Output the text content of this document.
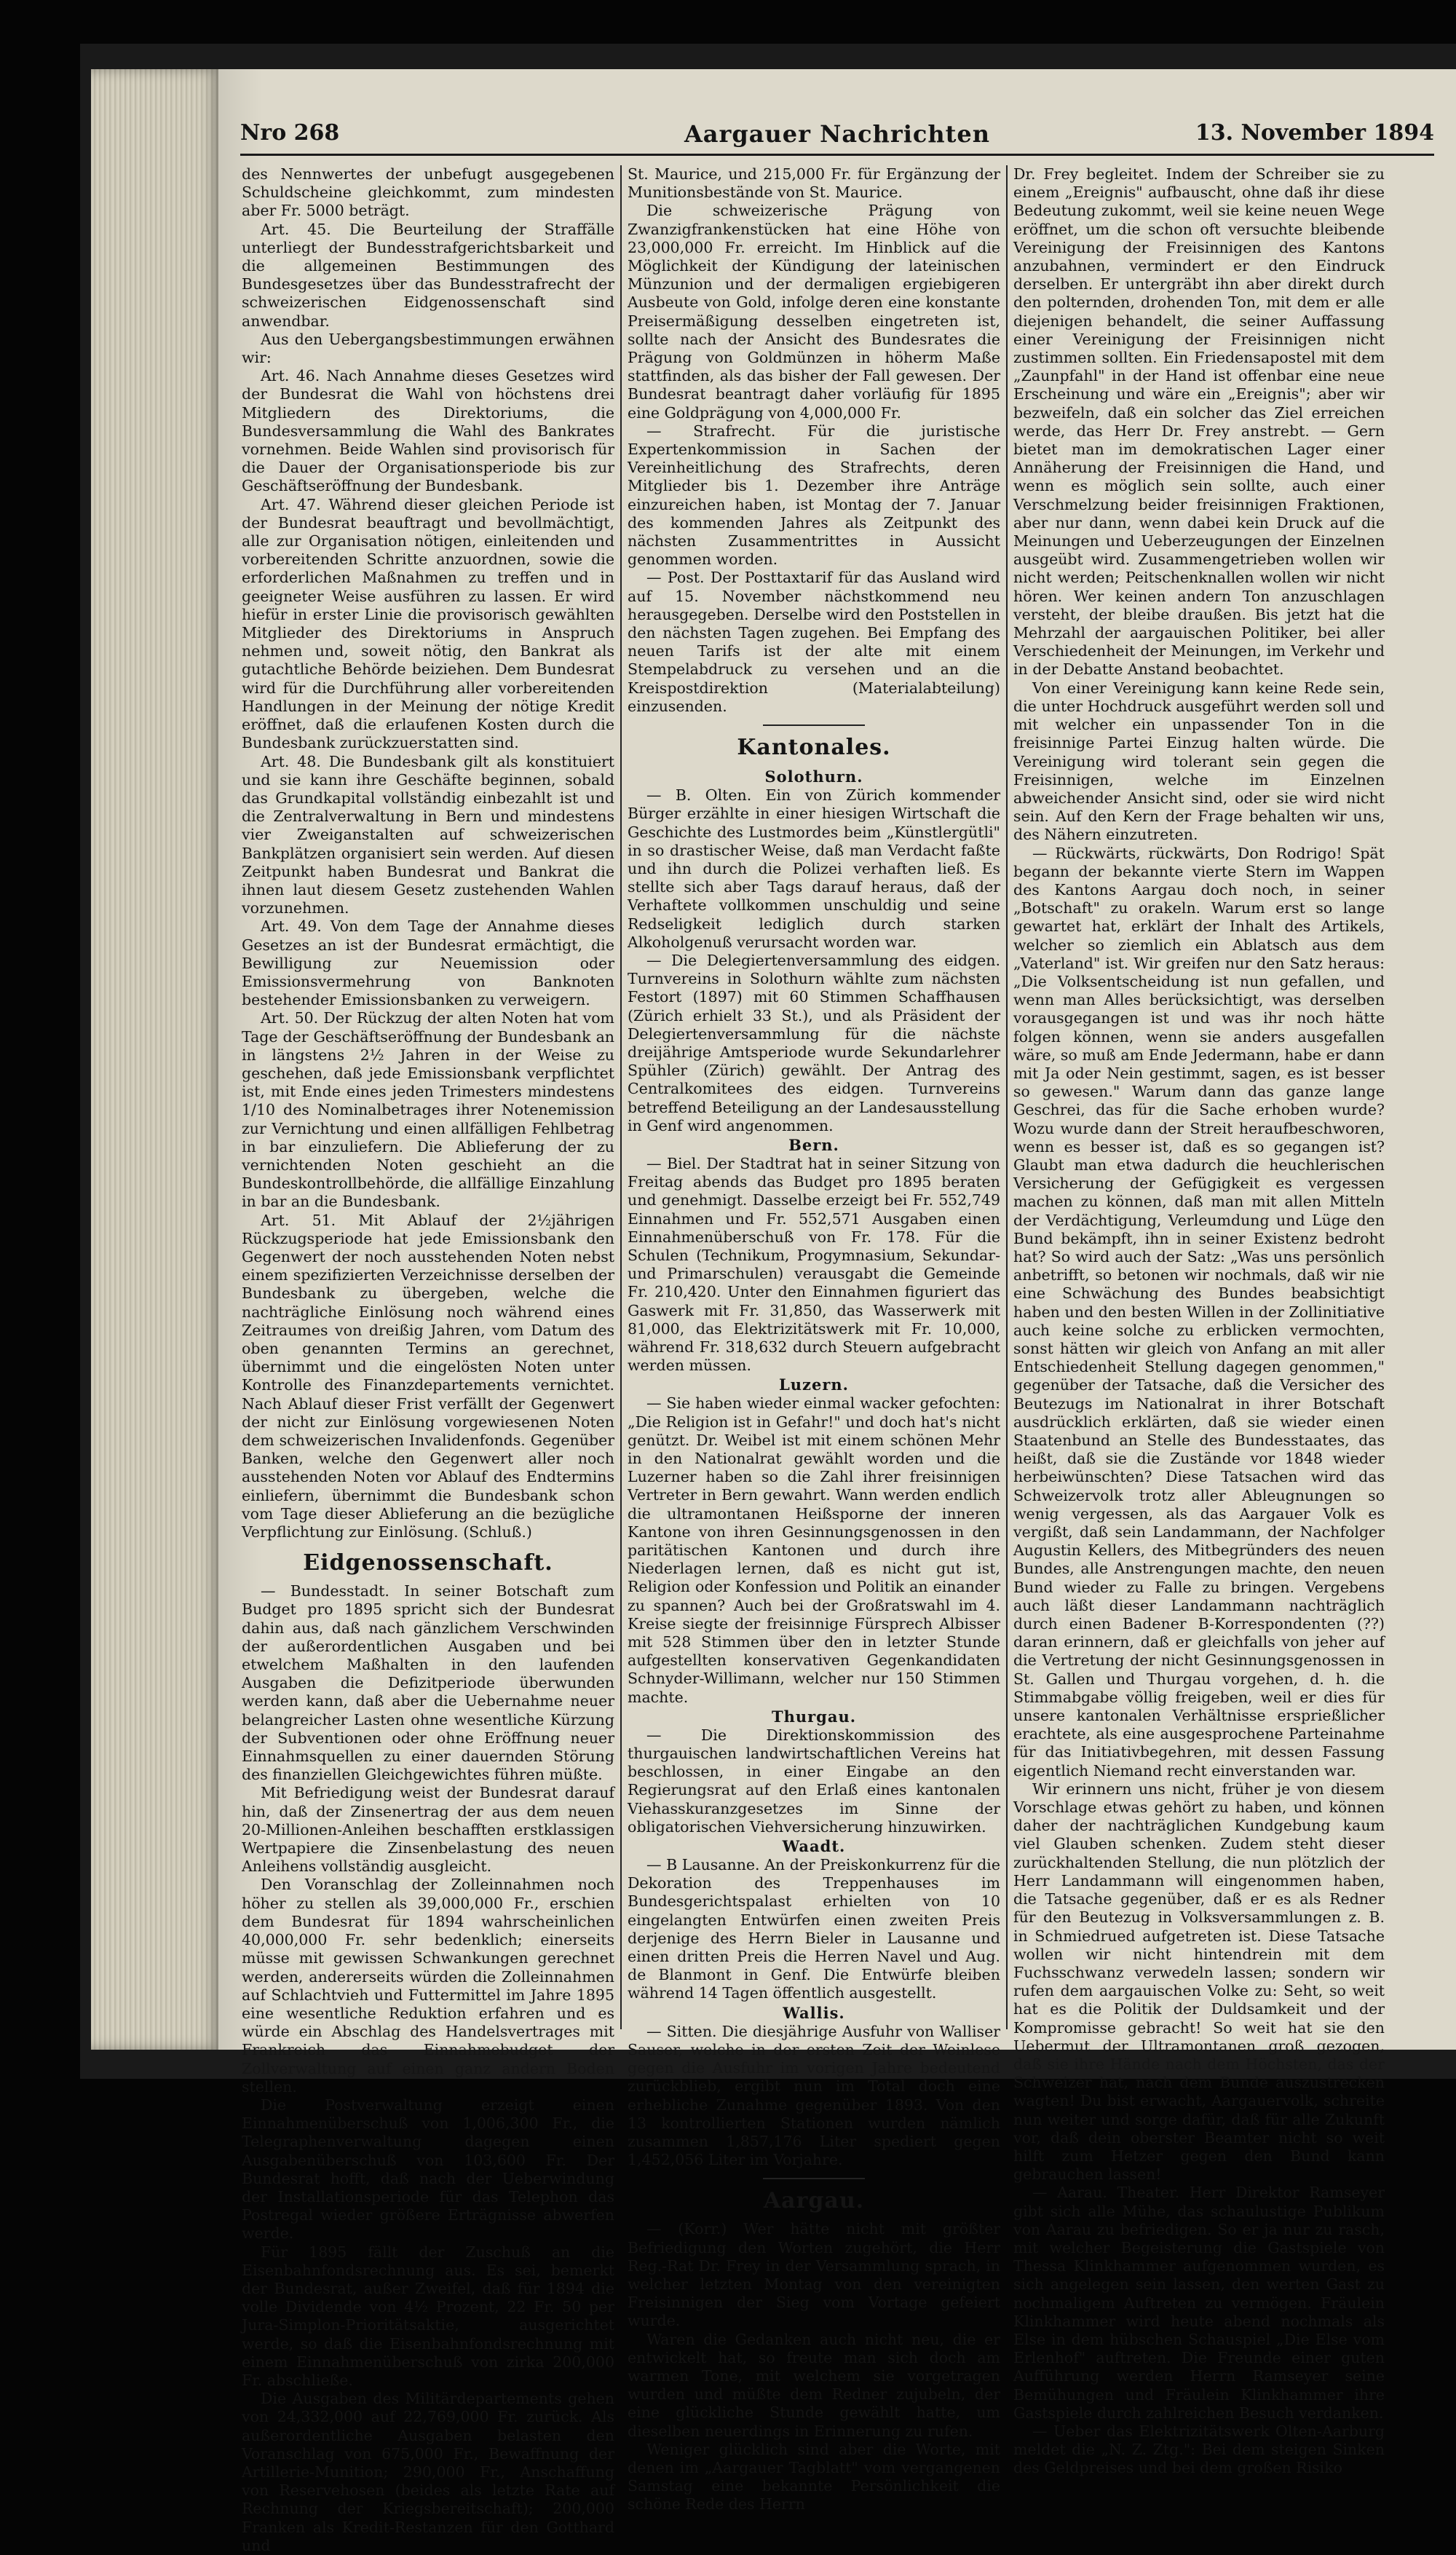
Nro 268	Aargauer Nachrichten	13. November 1894

des Nennwertes der unbefugt ausgegebenen Schuldscheine gleichkommt, zum mindesten aber Fr. 5000 beträgt.

Art. 45. Die Beurteilung der Straffälle unterliegt der Bundesstrafgerichtsbarkeit und die allgemeinen Bestimmungen des Bundesgesetzes über das Bundesstrafrecht der schweizerischen Eidgenossenschaft sind anwendbar.

Aus den Uebergangsbestimmungen erwähnen wir:

Art. 46. Nach Annahme dieses Gesetzes wird der Bundesrat die Wahl von höchstens drei Mitgliedern des Direktoriums, die Bundesversammlung die Wahl des Bankrates vornehmen. Beide Wahlen sind provisorisch für die Dauer der Organisationsperiode bis zur Geschäftseröffnung der Bundesbank.

Art. 47. Während dieser gleichen Periode ist der Bundesrat beauftragt und bevollmächtigt, alle zur Organisation nötigen, einleitenden und vorbereitenden Schritte anzuordnen, sowie die erforderlichen Maßnahmen zu treffen und in geeigneter Weise ausführen zu lassen. Er wird hiefür in erster Linie die provisorisch gewählten Mitglieder des Direktoriums in Anspruch nehmen und, soweit nötig, den Bankrat als gutachtliche Behörde beiziehen. Dem Bundesrat wird für die Durchführung aller vorbereitenden Handlungen in der Meinung der nötige Kredit eröffnet, daß die erlaufenen Kosten durch die Bundesbank zurückzuerstatten sind.

Art. 48. Die Bundesbank gilt als konstituiert und sie kann ihre Geschäfte beginnen, sobald das Grundkapital vollständig einbezahlt ist und die Zentralverwaltung in Bern und mindestens vier Zweiganstalten auf schweizerischen Bankplätzen organisiert sein werden. Auf diesen Zeitpunkt haben Bundesrat und Bankrat die ihnen laut diesem Gesetz zustehenden Wahlen vorzunehmen.

Art. 49. Von dem Tage der Annahme dieses Gesetzes an ist der Bundesrat ermächtigt, die Bewilligung zur Neuemission oder Emissionsvermehrung von Banknoten bestehender Emissionsbanken zu verweigern.

Art. 50. Der Rückzug der alten Noten hat vom Tage der Geschäftseröffnung der Bundesbank an in längstens 2½ Jahren in der Weise zu geschehen, daß jede Emissionsbank verpflichtet ist, mit Ende eines jeden Trimesters mindestens 1/10 des Nominalbetrages ihrer Notenemission zur Vernichtung und einen allfälligen Fehlbetrag in bar einzuliefern. Die Ablieferung der zu vernichtenden Noten geschieht an die Bundeskontrollbehörde, die allfällige Einzahlung in bar an die Bundesbank.

Art. 51. Mit Ablauf der 2½jährigen Rückzugsperiode hat jede Emissionsbank den Gegenwert der noch ausstehenden Noten nebst einem spezifizierten Verzeichnisse derselben der Bundesbank zu übergeben, welche die nachträgliche Einlösung noch während eines Zeitraumes von dreißig Jahren, vom Datum des oben genannten Termins an gerechnet, übernimmt und die eingelösten Noten unter Kontrolle des Finanzdepartements vernichtet. Nach Ablauf dieser Frist verfällt der Gegenwert der nicht zur Einlösung vorgewiesenen Noten dem schweizerischen Invalidenfonds. Gegenüber Banken, welche den Gegenwert aller noch ausstehenden Noten vor Ablauf des Endtermins einliefern, übernimmt die Bundesbank schon vom Tage dieser Ablieferung an die bezügliche Verpflichtung zur Einlösung. (Schluß.)

Eidgenossenschaft.

— Bundesstadt. In seiner Botschaft zum Budget pro 1895 spricht sich der Bundesrat dahin aus, daß nach gänzlichem Verschwinden der außerordentlichen Ausgaben und bei etwelchem Maßhalten in den laufenden Ausgaben die Defizitperiode überwunden werden kann, daß aber die Uebernahme neuer belangreicher Lasten ohne wesentliche Kürzung der Subventionen oder ohne Eröffnung neuer Einnahmsquellen zu einer dauernden Störung des finanziellen Gleichgewichtes führen müßte.

Mit Befriedigung weist der Bundesrat darauf hin, daß der Zinsenertrag der aus dem neuen 20-Millionen-Anleihen beschafften erstklassigen Wertpapiere die Zinsenbelastung des neuen Anleihens vollständig ausgleicht.

Den Voranschlag der Zolleinnahmen noch höher zu stellen als 39,000,000 Fr., erschien dem Bundesrat für 1894 wahrscheinlichen 40,000,000 Fr. sehr bedenklich; einerseits müsse mit gewissen Schwankungen gerechnet werden, andererseits würden die Zolleinnahmen auf Schlachtvieh und Futtermittel im Jahre 1895 eine wesentliche Reduktion erfahren und es würde ein Abschlag des Handelsvertrages mit Frankreich das Einnahmebudget der Zollverwaltung auf einen ganz andern Boden stellen.

Die Postverwaltung erzeigt einen Einnahmenüberschuß von 1,006,300 Fr., die Telegraphenverwaltung dagegen einen Ausgabenüberschuß von 103,600 Fr. Der Bundesrat hofft, daß nach der Ueberwindung der Installationsperiode für das Telephon das Postregal wieder größere Erträgnisse abwerfen werde.

Für 1895 fällt der Zuschuß an die Eisenbahnfondsrechnung aus. Es sei, bemerkt der Bundesrat, außer Zweifel, daß für 1894 die volle Dividende von 4½ Prozent, 22 Fr. 50 per Jura-Simplon-Prioritätsaktie, ausgerichtet werde, so daß die Eisenbahnfondsrechnung mit einem Einnahmenüberschuß von zirka 200,000 Fr. abschließe.

Die Ausgaben des Militärdepartements gehen von 24,332,000 auf 22,769,000 Fr. zurück. Als außerordentliche Ausgaben belasten den Voranschlag von 675,000 Fr., Bewaffnung der Artillerie-Munition; 290,000 Fr., Anschaffung von Reservehosen (beides als letzte Rate auf Rechnung der Kriegsbereitschaft); 200,000 Franken als Kredit-Restanzen für den Gotthard und

St. Maurice, und 215,000 Fr. für Ergänzung der Munitionsbestände von St. Maurice.

Die schweizerische Prägung von Zwanzigfrankenstücken hat eine Höhe von 23,000,000 Fr. erreicht. Im Hinblick auf die Möglichkeit der Kündigung der lateinischen Münzunion und der dermaligen ergiebigeren Ausbeute von Gold, infolge deren eine konstante Preisermäßigung desselben eingetreten ist, sollte nach der Ansicht des Bundesrates die Prägung von Goldmünzen in höherm Maße stattfinden, als das bisher der Fall gewesen. Der Bundesrat beantragt daher vorläufig für 1895 eine Goldprägung von 4,000,000 Fr.

— Strafrecht. Für die juristische Expertenkommission in Sachen der Vereinheitlichung des Strafrechts, deren Mitglieder bis 1. Dezember ihre Anträge einzureichen haben, ist Montag der 7. Januar des kommenden Jahres als Zeitpunkt des nächsten Zusammentrittes in Aussicht genommen worden.

— Post. Der Posttaxtarif für das Ausland wird auf 15. November nächstkommend neu herausgegeben. Derselbe wird den Poststellen in den nächsten Tagen zugehen. Bei Empfang des neuen Tarifs ist der alte mit einem Stempelabdruck zu versehen und an die Kreispostdirektion (Materialabteilung) einzusenden.

Kantonales.
Solothurn.

— B. Olten. Ein von Zürich kommender Bürger erzählte in einer hiesigen Wirtschaft die Geschichte des Lustmordes beim „Künstlergütli" in so drastischer Weise, daß man Verdacht faßte und ihn durch die Polizei verhaften ließ. Es stellte sich aber Tags darauf heraus, daß der Verhaftete vollkommen unschuldig und seine Redseligkeit lediglich durch starken Alkoholgenuß verursacht worden war.

— Die Delegiertenversammlung des eidgen. Turnvereins in Solothurn wählte zum nächsten Festort (1897) mit 60 Stimmen Schaffhausen (Zürich erhielt 33 St.), und als Präsident der Delegiertenversammlung für die nächste dreijährige Amtsperiode wurde Sekundarlehrer Spühler (Zürich) gewählt. Der Antrag des Centralkomitees des eidgen. Turnvereins betreffend Beteiligung an der Landesausstellung in Genf wird angenommen.

Bern.

— Biel. Der Stadtrat hat in seiner Sitzung von Freitag abends das Budget pro 1895 beraten und genehmigt. Dasselbe erzeigt bei Fr. 552,749 Einnahmen und Fr. 552,571 Ausgaben einen Einnahmenüberschuß von Fr. 178. Für die Schulen (Technikum, Progymnasium, Sekundar- und Primarschulen) verausgabt die Gemeinde Fr. 210,420. Unter den Einnahmen figuriert das Gaswerk mit Fr. 31,850, das Wasserwerk mit 81,000, das Elektrizitätswerk mit Fr. 10,000, während Fr. 318,632 durch Steuern aufgebracht werden müssen.

Luzern.

— Sie haben wieder einmal wacker gefochten: „Die Religion ist in Gefahr!" und doch hat's nicht genützt. Dr. Weibel ist mit einem schönen Mehr in den Nationalrat gewählt worden und die Luzerner haben so die Zahl ihrer freisinnigen Vertreter in Bern gewahrt. Wann werden endlich die ultramontanen Heißsporne der inneren Kantone von ihren Gesinnungsgenossen in den paritätischen Kantonen und durch ihre Niederlagen lernen, daß es nicht gut ist, Religion oder Konfession und Politik an einander zu spannen? Auch bei der Großratswahl im 4. Kreise siegte der freisinnige Fürsprech Albisser mit 528 Stimmen über den in letzter Stunde aufgestellten konservativen Gegenkandidaten Schnyder-Willimann, welcher nur 150 Stimmen machte.

Thurgau.

— Die Direktionskommission des thurgauischen landwirtschaftlichen Vereins hat beschlossen, in einer Eingabe an den Regierungsrat auf den Erlaß eines kantonalen Viehasskuranzgesetzes im Sinne der obligatorischen Viehversicherung hinzuwirken.

Waadt.

— B Lausanne. An der Preiskonkurrenz für die Dekoration des Treppenhauses im Bundesgerichtspalast erhielten von 10 eingelangten Entwürfen einen zweiten Preis derjenige des Herrn Bieler in Lausanne und einen dritten Preis die Herren Navel und Aug. de Blanmont in Genf. Die Entwürfe bleiben während 14 Tagen öffentlich ausgestellt.

Wallis.

— Sitten. Die diesjährige Ausfuhr von Walliser Sauser, welche in der ersten Zeit der Weinlese gegen die Ausfuhr im vorigen Jahre bedeutend zurückblieb, ergibt nun im Total doch eine erhebliche Zunahme gegenüber 1893. Von den 13 kontrollierten Stationen wurden nämlich zusammen 1,857,176 Liter spediert gegen 1,452,056 Liter im Vorjahre.

Aargau.

— (Korr.) Wer hätte nicht mit größter Befriedigung den Worten zugehört, die Herr Reg.-Rat Dr. Frey in der Versammlung sprach, in welcher letzten Montag von den vereinigten Freisinnigen der Sieg vom Vortage gefeiert wurde.

Waren die Gedanken auch nicht neu, die er entwickelt hat, so freute man sich doch am warmen Tone, mit welchem sie vorgetragen wurden und müßte dem Redner zujubeln, der eine glückliche Stunde gewählt hatte, um dieselben neuerdings in Erinnerung zu rufen.

Weniger glücklich sind aber die Worte, mit denen im „Aargauer Tagblatt" vom vergangenen Samstag eine bekannte Persönlichkeit die schöne Rede des Herrn

Dr. Frey begleitet. Indem der Schreiber sie zu einem „Ereignis" aufbauscht, ohne daß ihr diese Bedeutung zukommt, weil sie keine neuen Wege eröffnet, um die schon oft versuchte bleibende Vereinigung der Freisinnigen des Kantons anzubahnen, vermindert er den Eindruck derselben. Er untergräbt ihn aber direkt durch den polternden, drohenden Ton, mit dem er alle diejenigen behandelt, die seiner Auffassung einer Vereinigung der Freisinnigen nicht zustimmen sollten. Ein Friedensapostel mit dem „Zaunpfahl" in der Hand ist offenbar eine neue Erscheinung und wäre ein „Ereignis"; aber wir bezweifeln, daß ein solcher das Ziel erreichen werde, das Herr Dr. Frey anstrebt. — Gern bietet man im demokratischen Lager einer Annäherung der Freisinnigen die Hand, und wenn es möglich sein sollte, auch einer Verschmelzung beider freisinnigen Fraktionen, aber nur dann, wenn dabei kein Druck auf die Meinungen und Ueberzeugungen der Einzelnen ausgeübt wird. Zusammengetrieben wollen wir nicht werden; Peitschenknallen wollen wir nicht hören. Wer keinen andern Ton anzuschlagen versteht, der bleibe draußen. Bis jetzt hat die Mehrzahl der aargauischen Politiker, bei aller Verschiedenheit der Meinungen, im Verkehr und in der Debatte Anstand beobachtet.

Von einer Vereinigung kann keine Rede sein, die unter Hochdruck ausgeführt werden soll und mit welcher ein unpassender Ton in die freisinnige Partei Einzug halten würde. Die Vereinigung wird tolerant sein gegen die Freisinnigen, welche im Einzelnen abweichender Ansicht sind, oder sie wird nicht sein. Auf den Kern der Frage behalten wir uns, des Nähern einzutreten.

— Rückwärts, rückwärts, Don Rodrigo! Spät begann der bekannte vierte Stern im Wappen des Kantons Aargau doch noch, in seiner „Botschaft" zu orakeln. Warum erst so lange gewartet hat, erklärt der Inhalt des Artikels, welcher so ziemlich ein Ablatsch aus dem „Vaterland" ist. Wir greifen nur den Satz heraus: „Die Volksentscheidung ist nun gefallen, und wenn man Alles berücksichtigt, was derselben vorausgegangen ist und was ihr noch hätte folgen können, wenn sie anders ausgefallen wäre, so muß am Ende Jedermann, habe er dann mit Ja oder Nein gestimmt, sagen, es ist besser so gewesen." Warum dann das ganze lange Geschrei, das für die Sache erhoben wurde? Wozu wurde dann der Streit heraufbeschworen, wenn es besser ist, daß es so gegangen ist? Glaubt man etwa dadurch die heuchlerischen Versicherung der Gefügigkeit es vergessen machen zu können, daß man mit allen Mitteln der Verdächtigung, Verleumdung und Lüge den Bund bekämpft, ihn in seiner Existenz bedroht hat? So wird auch der Satz: „Was uns persönlich anbetrifft, so betonen wir nochmals, daß wir nie eine Schwächung des Bundes beabsichtigt haben und den besten Willen in der Zollinitiative auch keine solche zu erblicken vermochten, sonst hätten wir gleich von Anfang an mit aller Entschiedenheit Stellung dagegen genommen," gegenüber der Tatsache, daß die Versicher des Beutezugs im Nationalrat in ihrer Botschaft ausdrücklich erklärten, daß sie wieder einen Staatenbund an Stelle des Bundesstaates, das heißt, daß sie die Zustände vor 1848 wieder herbeiwünschten? Diese Tatsachen wird das Schweizervolk trotz aller Ableugnungen so wenig vergessen, als das Aargauer Volk es vergißt, daß sein Landammann, der Nachfolger Augustin Kellers, des Mitbegründers des neuen Bundes, alle Anstrengungen machte, den neuen Bund wieder zu Falle zu bringen. Vergebens auch läßt dieser Landammann nachträglich durch einen Badener B-Korrespondenten (??) daran erinnern, daß er gleichfalls von jeher auf die Vertretung der nicht Gesinnungsgenossen in St. Gallen und Thurgau vorgehen, d. h. die Stimmabgabe völlig freigeben, weil er dies für unsere kantonalen Verhältnisse ersprießlicher erachtete, als eine ausgesprochene Parteinahme für das Initiativbegehren, mit dessen Fassung eigentlich Niemand recht einverstanden war.

Wir erinnern uns nicht, früher je von diesem Vorschlage etwas gehört zu haben, und können daher der nachträglichen Kundgebung kaum viel Glauben schenken. Zudem steht dieser zurückhaltenden Stellung, die nun plötzlich der Herr Landammann will eingenommen haben, die Tatsache gegenüber, daß er es als Redner für den Beutezug in Volksversammlungen z. B. in Schmiedrued aufgetreten ist. Diese Tatsache wollen wir nicht hintendrein mit dem Fuchsschwanz verwedeln lassen; sondern wir rufen dem aargauischen Volke zu: Seht, so weit hat es die Politik der Duldsamkeit und der Kompromisse gebracht! So weit hat sie den Uebermut der Ultramontanen groß gezogen, daß sie ihre Hände nach dem Höchsten, das der Schweizer hat, nach dem Bunde auszustrecken wagten! Du bist erwacht, Aargauervolk, schreite nun weiter und sorge dafür, daß für alle Zukunft vor, daß dein oberster Beamter nicht so weit hilft zum Hetzer gegen den Bund kann gebrauchen lassen!

— Aarau. Theater. Herr Direktor Ramseyer gibt sich alle Mühe, das schaulustige Publikum von Aarau zu befriedigen. So er ja nur zu rasch, mit welcher Begeisterung die Gastspiele von Thessa Klinkhammer aufgenommen wurden, es sich angelegen sein lassen, den werten Gast zu nochmaligem Auftreten zu vermögen. Fräulein Klinkhammer wird heute abend nochmals als Else in dem hübschen Schauspiel „Die Else vom Erlenhof" auftreten. Die Freunde einer guten Aufführung werden Herrn Ramseyer seine Bemühungen und Fräulein Klinkhammer ihre Gastspiele durch zahlreichen Besuch verdanken.

— Ueber das Elektrizitätswerk Olten-Aarburg meldet die „N. Z. Ztg.": Bei dem steigen Sinken des Geldpreises und bei dem großen Risiko
